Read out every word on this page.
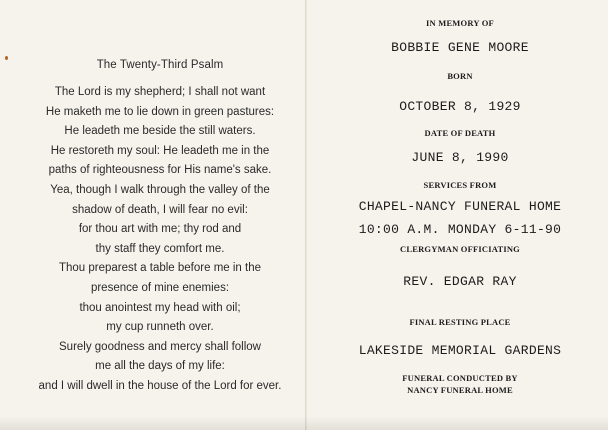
The Twenty-Third Psalm
The Lord is my shepherd; I shall not want
He maketh me to lie down in green pastures:
He leadeth me beside the still waters.
He restoreth my soul: He leadeth me in the
paths of righteousness for His name's sake.
Yea, though I walk through the valley of the
shadow of death, I will fear no evil:
for thou art with me; thy rod and
thy staff they comfort me.
Thou preparest a table before me in the
presence of mine enemies:
thou anointest my head with oil;
my cup runneth over.
Surely goodness and mercy shall follow
me all the days of my life:
and I will dwell in the house of the Lord for ever.
IN MEMORY OF
BOBBIE GENE MOORE
BORN
OCTOBER 8, 1929
DATE OF DEATH
JUNE 8, 1990
SERVICES FROM
CHAPEL-NANCY FUNERAL HOME
10:00 A.M. MONDAY 6-11-90
CLERGYMAN OFFICIATING
REV. EDGAR RAY
FINAL RESTING PLACE
LAKESIDE MEMORIAL GARDENS
FUNERAL CONDUCTED BY
NANCY FUNERAL HOME
